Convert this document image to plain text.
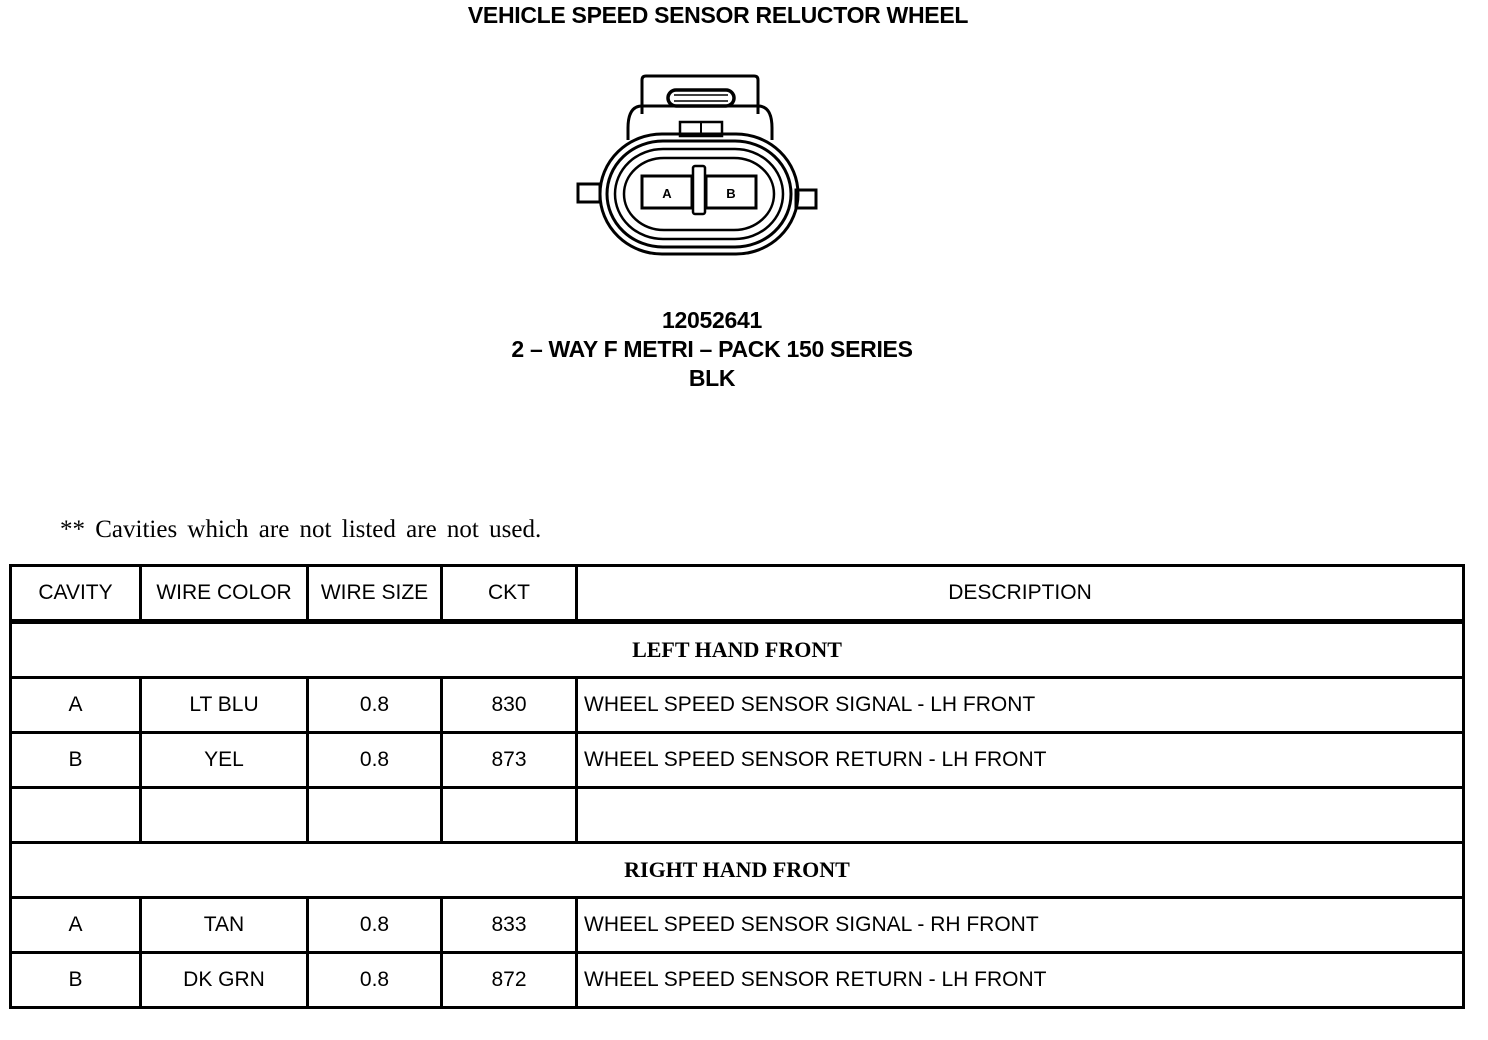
VEHICLE SPEED SENSOR RELUCTOR WHEEL
A	B
12052641
2 – WAY F METRI – PACK 150 SERIES
BLK
** Cavities which are not listed are not used.
CAVITY	WIRE COLOR	WIRE SIZE	CKT	DESCRIPTION
LEFT HAND FRONT				
A	LT BLU	0.8	830	WHEEL SPEED SENSOR SIGNAL - LH FRONT
B	YEL	0.8	873	WHEEL SPEED SENSOR RETURN - LH FRONT

RIGHT HAND FRONT				
A	TAN	0.8	833	WHEEL SPEED SENSOR SIGNAL - RH FRONT
B	DK GRN	0.8	872	WHEEL SPEED SENSOR RETURN - LH FRONT
